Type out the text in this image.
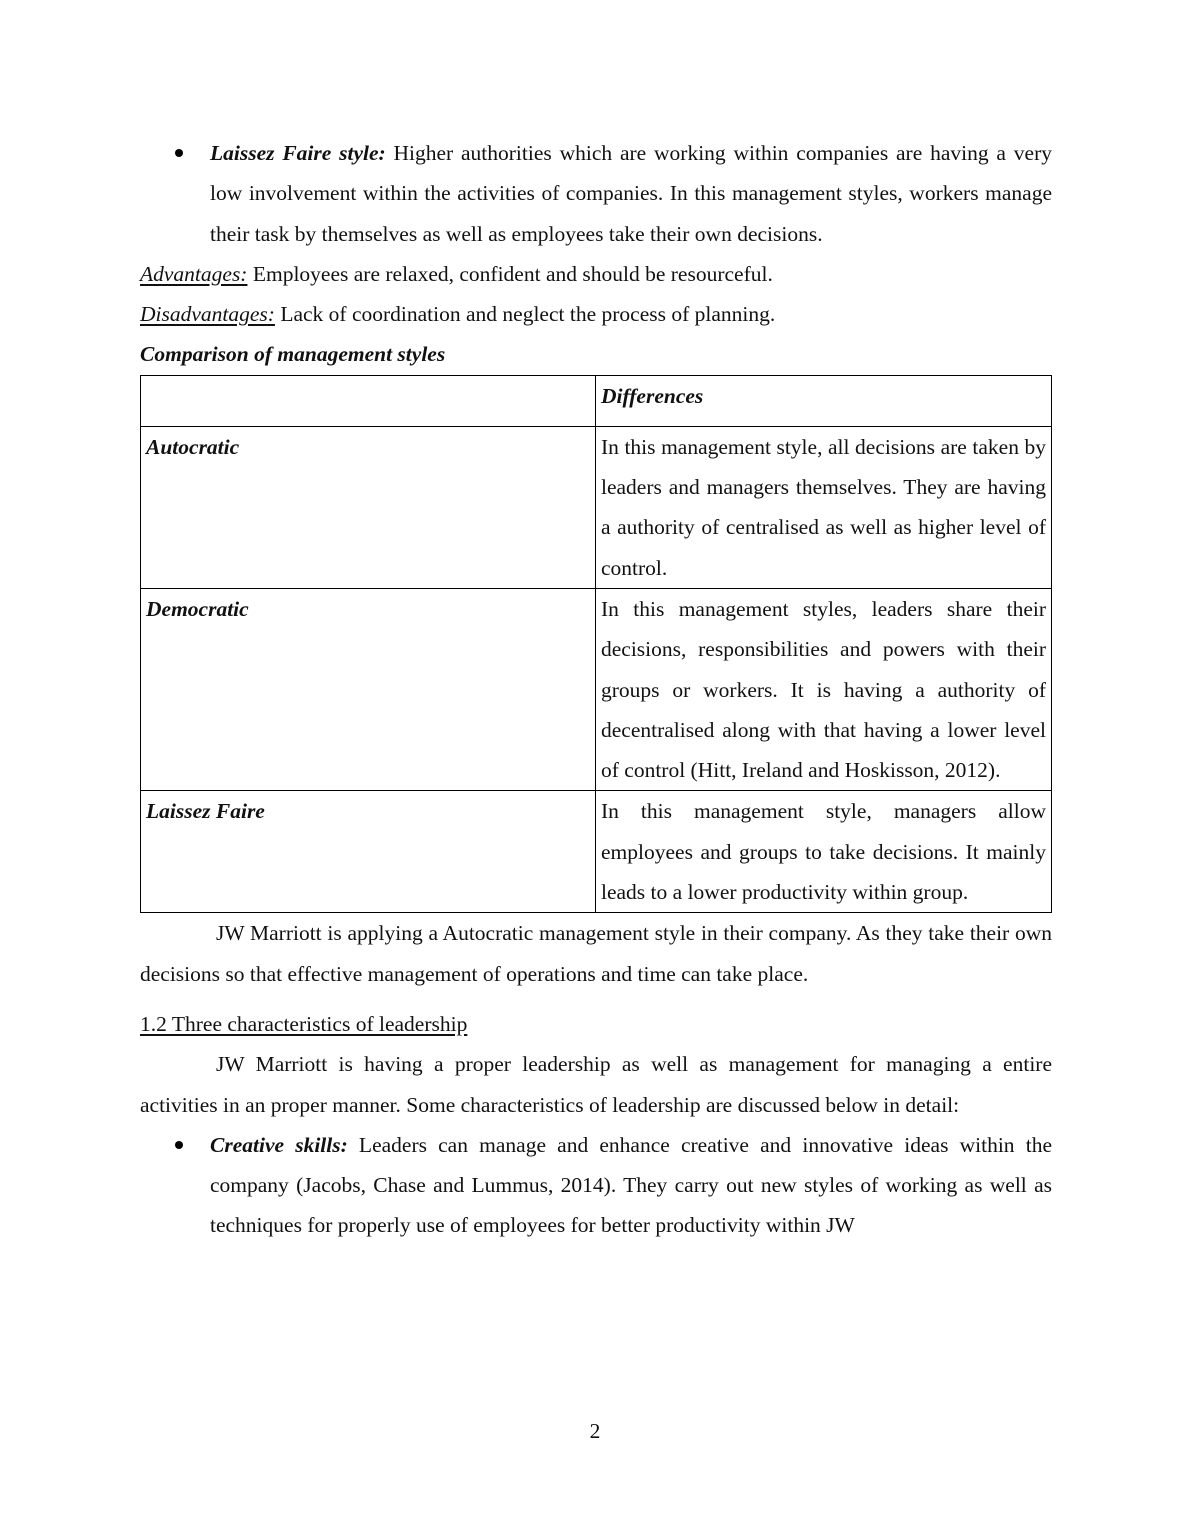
Laissez Faire style: Higher authorities which are working within companies are having a very low involvement within the activities of companies. In this management styles, workers manage their task by themselves as well as employees take their own decisions.

Advantages: Employees are relaxed, confident and should be resourceful.

Disadvantages: Lack of coordination and neglect the process of planning.

Comparison of management styles

	Differences
Autocratic	In this management style, all decisions are taken by leaders and managers themselves. They are having a authority of centralised as well as higher level of control.
Democratic	In this management styles, leaders share their decisions, responsibilities and powers with their groups or workers. It is having a authority of decentralised along with that having a lower level of control (Hitt, Ireland and Hoskisson, 2012).
Laissez Faire	In this management style, managers allow employees and groups to take decisions. It mainly leads to a lower productivity within group.

JW Marriott is applying a Autocratic management style in their company. As they take their own decisions so that effective management of operations and time can take place.

1.2 Three characteristics of leadership

JW Marriott is having a proper leadership as well as management for managing a entire activities in an proper manner. Some characteristics of leadership are discussed below in detail:

Creative skills: Leaders can manage and enhance creative and innovative ideas within the company (Jacobs, Chase and Lummus, 2014). They carry out new styles of working as well as techniques for properly use of employees for better productivity within JW

2
